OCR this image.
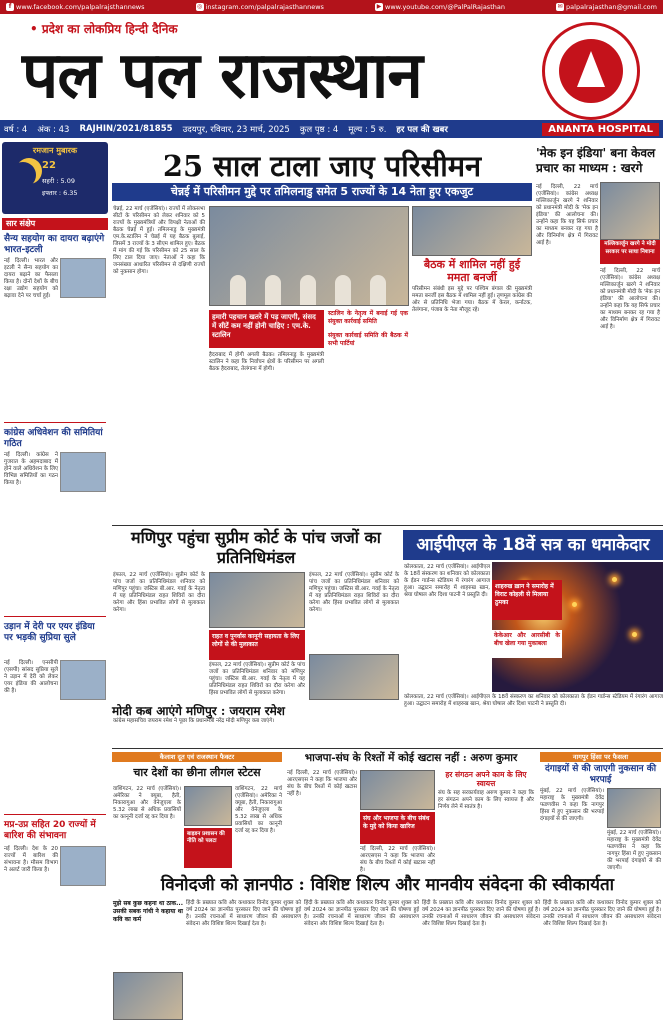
f www.facebook.com/palpalrajsthannews	◎ instagram.com/palpalrajasthannews	▶ www.youtube.com/@PalPalRajasthan	✉ palpalrajasthan@gmail.com
• प्रदेश का लोकप्रिय हिन्दी दैनिक
पल पल राजस्थान
वर्ष : 4 अंक : 43 RAJHIN/2021/81855 उदयपुर, रविवार, 23 मार्च, 2025 कुल पृष्ठ : 4 मूल्य : 5 रु. हर पल की खबर	ANANTA HOSPITAL
रमजान मुबारक
22
सहरी : 5.09
इफ्तार : 6.35
सार संक्षेप
सैन्य सहयोग का दायरा बढ़ाएंगे भारत-इटली
नई दिल्ली। भारत और इटली ने सैन्य सहयोग का दायरा बढ़ाने का फैसला किया है। दोनों देशों के बीच रक्षा उद्योग सहयोग को बढ़ावा देने पर चर्चा हुई।
कांग्रेस अधिवेशन की समितियां गठित
नई दिल्ली। कांग्रेस ने गुजरात के अहमदाबाद में होने वाले अधिवेशन के लिए विभिन्न समितियों का गठन किया है।
उड़ान में देरी पर एयर इंडिया पर भड़की सुप्रिया सुले
नई दिल्ली। एनसीपी (एसपी) सांसद सुप्रिया सुले ने उड़ान में देरी को लेकर एयर इंडिया की आलोचना की है।
मप्र-उप्र सहित 20 राज्यों में बारिश की संभावना
नई दिल्ली। देश के 20 राज्यों में बारिश की संभावना है। मौसम विभाग ने अलर्ट जारी किया है।
25 साल टाला जाए परिसीमन
चेन्नई में परिसीमन मुद्दे पर तमिलनाडु समेत 5 राज्यों के 14 नेता हुए एकजुट
चेन्नई, 22 मार्च (एजेंसियां)। राज्यों में लोकसभा सीटों के परिसीमन को लेकर शनिवार को 5 राज्यों के मुख्यमंत्रियों और विपक्षी नेताओं की बैठक चेन्नई में हुई। तमिलनाडु के मुख्यमंत्री एम.के.स्टालिन ने चेन्नई में यह बैठक बुलाई, जिसमें 3 राज्यों के 3 सीएम शामिल हुए। बैठक में मांग की गई कि परिसीमन को 25 साल के लिए टाल दिया जाए। नेताओं ने कहा कि जनसंख्या आधारित परिसीमन से दक्षिणी राज्यों को नुकसान होगा।
हमारी पहचान खतरे में पड़ जाएगी, संसद में सीटें कम नहीं होनी चाहिए : एम.के. स्टालिन
हैदराबाद में होगी अगली बैठक। तमिलनाडु के मुख्यमंत्री स्टालिन ने कहा कि निर्वाचन क्षेत्रों के परिसीमन पर अगली बैठक हैदराबाद, तेलंगाना में होगी।
स्टालिन के नेतृत्व में बनाई गई एक संयुक्त कार्रवाई समिति
संयुक्त कार्रवाई समिति की बैठक में सभी पार्टियां
बैठक में शामिल नहीं हुई ममता बनर्जी
परिसीमन संबंधी इस मुद्दे पर पश्चिम बंगाल की मुख्यमंत्री ममता बनर्जी इस बैठक में शामिल नहीं हुई। तृणमूल कांग्रेस की ओर से प्रतिनिधि भेजा गया। बैठक में केरल, कर्नाटक, तेलंगाना, पंजाब के नेता मौजूद रहे।
'मेक इन इंडिया' बना केवल प्रचार का माध्यम : खरगे
मल्लिकार्जुन खरगे ने मोदी सरकार पर साधा निशाना
नई दिल्ली, 22 मार्च (एजेंसियां)। कांग्रेस अध्यक्ष मल्लिकार्जुन खरगे ने शनिवार को प्रधानमंत्री मोदी के 'मेक इन इंडिया' की आलोचना की। उन्होंने कहा कि यह सिर्फ प्रचार का माध्यम बनकर रह गया है और विनिर्माण क्षेत्र में गिरावट आई है।
नई दिल्ली, 22 मार्च (एजेंसियां)। कांग्रेस अध्यक्ष मल्लिकार्जुन खरगे ने शनिवार को प्रधानमंत्री मोदी के 'मेक इन इंडिया' की आलोचना की। उन्होंने कहा कि यह सिर्फ प्रचार का माध्यम बनकर रह गया है और विनिर्माण क्षेत्र में गिरावट आई है।
मणिपुर पहुंचा सुप्रीम कोर्ट के पांच जजों का प्रतिनिधिमंडल
इंफाल, 22 मार्च (एजेंसियां)। सुप्रीम कोर्ट के पांच जजों का प्रतिनिधिमंडल शनिवार को मणिपुर पहुंचा। जस्टिस बी.आर. गवई के नेतृत्व में यह प्रतिनिधिमंडल राहत शिविरों का दौरा करेगा और हिंसा प्रभावित लोगों से मुलाकात करेगा।
राहत व पुनर्वास कानूनी सहायता के लिए लोगों से की मुलाकात
इंफाल, 22 मार्च (एजेंसियां)। सुप्रीम कोर्ट के पांच जजों का प्रतिनिधिमंडल शनिवार को मणिपुर पहुंचा। जस्टिस बी.आर. गवई के नेतृत्व में यह प्रतिनिधिमंडल राहत शिविरों का दौरा करेगा और हिंसा प्रभावित लोगों से मुलाकात करेगा।
इंफाल, 22 मार्च (एजेंसियां)। सुप्रीम कोर्ट के पांच जजों का प्रतिनिधिमंडल शनिवार को मणिपुर पहुंचा। जस्टिस बी.आर. गवई के नेतृत्व में यह प्रतिनिधिमंडल राहत शिविरों का दौरा करेगा और हिंसा प्रभावित लोगों से मुलाकात करेगा।
मोदी कब आएंगे मणिपुर : जयराम रमेश
कांग्रेस महासचिव जयराम रमेश ने पूछा कि प्रधानमंत्री नरेंद्र मोदी मणिपुर कब जाएंगे।
आईपीएल के 18वें सत्र का धमाकेदार
कोलकाता, 22 मार्च (एजेंसियां)। आईपीएल के 18वें संस्करण का शनिवार को कोलकाता के ईडन गार्डन्स स्टेडियम में रंगारंग आगाज हुआ। उद्घाटन समारोह में शाहरुख खान, श्रेया घोषाल और दिशा पाटनी ने प्रस्तुति दी।
शाहरुख ख़ान ने समारोह में विराट कोहली से मिलाया ठुमका
केकेआर और आरसीबी के बीच खेला गया मुकाबला
कोलकाता, 22 मार्च (एजेंसियां)। आईपीएल के 18वें संस्करण का शनिवार को कोलकाता के ईडन गार्डन्स स्टेडियम में रंगारंग आगाज हुआ। उद्घाटन समारोह में शाहरुख खान, श्रेया घोषाल और दिशा पाटनी ने प्रस्तुति दी।
कैलाश दूत एवं राजस्थान फैक्टर
चार देशों का छीना लीगल स्टेटस
वाशिंगटन, 22 मार्च (एजेंसियां)। अमेरिका ने क्यूबा, हैती, निकारागुआ और वेनेजुएला के 5.32 लाख से अधिक प्रवासियों का कानूनी दर्जा रद्द कर दिया है।
बाइडन प्रशासन की नीति को पलटा
वाशिंगटन, 22 मार्च (एजेंसियां)। अमेरिका ने क्यूबा, हैती, निकारागुआ और वेनेजुएला के 5.32 लाख से अधिक प्रवासियों का कानूनी दर्जा रद्द कर दिया है।
भाजपा-संघ के रिश्तों में कोई खटास नहीं : अरुण कुमार
नई दिल्ली, 22 मार्च (एजेंसियां)। आरएसएस ने कहा कि भाजपा और संघ के बीच रिश्तों में कोई खटास नहीं है।
संघ और भाजपा के बीच संबंध के मुद्दे को किया खारिज
नई दिल्ली, 22 मार्च (एजेंसियां)। आरएसएस ने कहा कि भाजपा और संघ के बीच रिश्तों में कोई खटास नहीं है।
हर संगठन अपने काम के लिए स्वायत्त
संघ के सह सरकार्यवाह अरुण कुमार ने कहा कि हर संगठन अपने काम के लिए स्वायत्त है और निर्णय लेने में स्वतंत्र है।
नागपुर हिंसा पर फैसला
दंगाइयों से की जाएगी नुकसान की भरपाई
मुंबई, 22 मार्च (एजेंसियां)। महाराष्ट्र के मुख्यमंत्री देवेंद्र फडणवीस ने कहा कि नागपुर हिंसा में हुए नुकसान की भरपाई दंगाइयों से की जाएगी।
मुंबई, 22 मार्च (एजेंसियां)। महाराष्ट्र के मुख्यमंत्री देवेंद्र फडणवीस ने कहा कि नागपुर हिंसा में हुए नुकसान की भरपाई दंगाइयों से की जाएगी।
विनोदजी को ज्ञानपीठ : विशिष्ट शिल्प और मानवीय संवेदना की स्वीकार्यता
मुझे सब कुछ कहना था ठाक... उसकी सबक गांधी ने कहाया था कवि का कर्म
हिंदी के प्रख्यात कवि और कथाकार विनोद कुमार शुक्ल को वर्ष 2024 का ज्ञानपीठ पुरस्कार दिए जाने की घोषणा हुई है। उनकी रचनाओं में साधारण जीवन की असाधारण संवेदना और विशिष्ट शिल्प दिखाई देता है।
हिंदी के प्रख्यात कवि और कथाकार विनोद कुमार शुक्ल को वर्ष 2024 का ज्ञानपीठ पुरस्कार दिए जाने की घोषणा हुई है। उनकी रचनाओं में साधारण जीवन की असाधारण संवेदना और विशिष्ट शिल्प दिखाई देता है।
हिंदी के प्रख्यात कवि और कथाकार विनोद कुमार शुक्ल को वर्ष 2024 का ज्ञानपीठ पुरस्कार दिए जाने की घोषणा हुई है। उनकी रचनाओं में साधारण जीवन की असाधारण संवेदना और विशिष्ट शिल्प दिखाई देता है।
हिंदी के प्रख्यात कवि और कथाकार विनोद कुमार शुक्ल को वर्ष 2024 का ज्ञानपीठ पुरस्कार दिए जाने की घोषणा हुई है। उनकी रचनाओं में साधारण जीवन की असाधारण संवेदना और विशिष्ट शिल्प दिखाई देता है।
